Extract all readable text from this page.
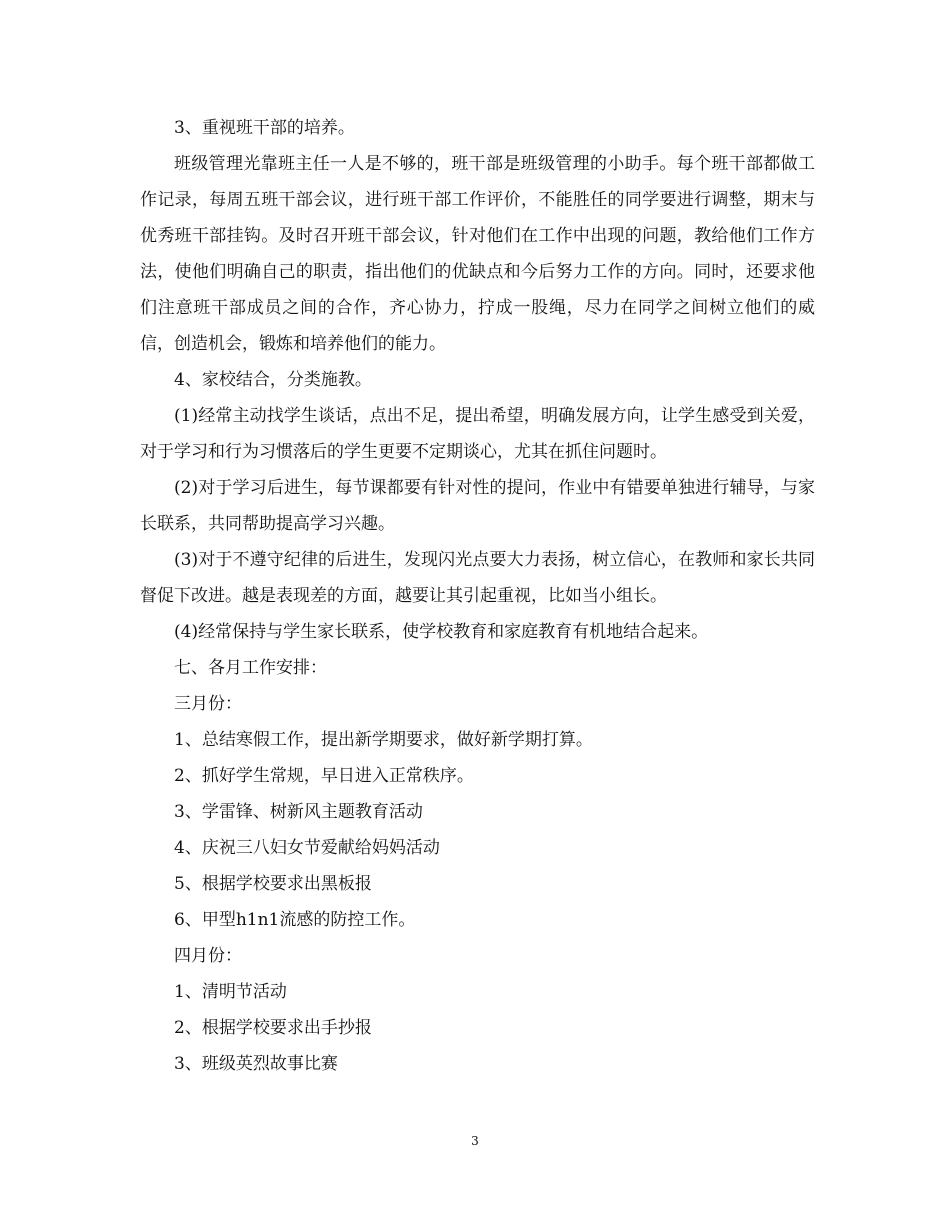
3、重视班干部的培养。

班级管理光靠班主任一人是不够的，班干部是班级管理的小助手。每个班干部都做工作记录，每周五班干部会议，进行班干部工作评价，不能胜任的同学要进行调整，期末与优秀班干部挂钩。及时召开班干部会议，针对他们在工作中出现的问题，教给他们工作方法，使他们明确自己的职责，指出他们的优缺点和今后努力工作的方向。同时，还要求他们注意班干部成员之间的合作，齐心协力，拧成一股绳，尽力在同学之间树立他们的威信，创造机会，锻炼和培养他们的能力。

4、家校结合，分类施教。

(1)经常主动找学生谈话，点出不足，提出希望，明确发展方向，让学生感受到关爱，对于学习和行为习惯落后的学生更要不定期谈心，尤其在抓住问题时。

(2)对于学习后进生，每节课都要有针对性的提问，作业中有错要单独进行辅导，与家长联系，共同帮助提高学习兴趣。

(3)对于不遵守纪律的后进生，发现闪光点要大力表扬，树立信心，在教师和家长共同督促下改进。越是表现差的方面，越要让其引起重视，比如当小组长。

(4)经常保持与学生家长联系，使学校教育和家庭教育有机地结合起来。

七、各月工作安排：

三月份：

1、总结寒假工作，提出新学期要求，做好新学期打算。

2、抓好学生常规，早日进入正常秩序。

3、学雷锋、树新风主题教育活动

4、庆祝三八妇女节爱献给妈妈活动

5、根据学校要求出黑板报

6、甲型h1n1流感的防控工作。

四月份：

1、清明节活动

2、根据学校要求出手抄报

3、班级英烈故事比赛

3
